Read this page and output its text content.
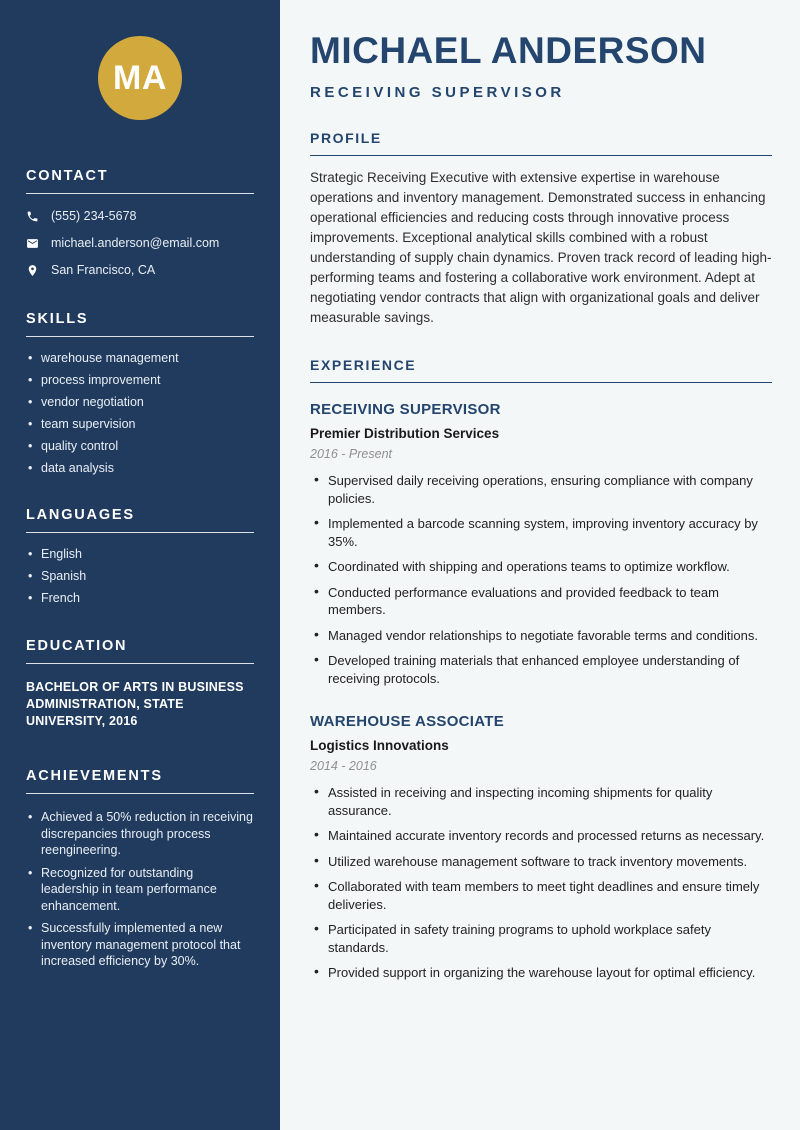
MA
CONTACT
(555) 234-5678
michael.anderson@email.com
San Francisco, CA
SKILLS
• warehouse management
• process improvement
• vendor negotiation
• team supervision
• quality control
• data analysis
LANGUAGES
• English
• Spanish
• French
EDUCATION
BACHELOR OF ARTS IN BUSINESS ADMINISTRATION, STATE UNIVERSITY, 2016
ACHIEVEMENTS
• Achieved a 50% reduction in receiving discrepancies through process reengineering.
• Recognized for outstanding leadership in team performance enhancement.
• Successfully implemented a new inventory management protocol that increased efficiency by 30%.
MICHAEL ANDERSON
RECEIVING SUPERVISOR
PROFILE

Strategic Receiving Executive with extensive expertise in warehouse operations and inventory management. Demonstrated success in enhancing operational efficiencies and reducing costs through innovative process improvements. Exceptional analytical skills combined with a robust understanding of supply chain dynamics. Proven track record of leading high-performing teams and fostering a collaborative work environment. Adept at negotiating vendor contracts that align with organizational goals and deliver measurable savings.

EXPERIENCE
RECEIVING SUPERVISOR
Premier Distribution Services
2016 - Present
• Supervised daily receiving operations, ensuring compliance with company policies.
• Implemented a barcode scanning system, improving inventory accuracy by 35%.
• Coordinated with shipping and operations teams to optimize workflow.
• Conducted performance evaluations and provided feedback to team members.
• Managed vendor relationships to negotiate favorable terms and conditions.
• Developed training materials that enhanced employee understanding of receiving protocols.
WAREHOUSE ASSOCIATE
Logistics Innovations
2014 - 2016
• Assisted in receiving and inspecting incoming shipments for quality assurance.
• Maintained accurate inventory records and processed returns as necessary.
• Utilized warehouse management software to track inventory movements.
• Collaborated with team members to meet tight deadlines and ensure timely deliveries.
• Participated in safety training programs to uphold workplace safety standards.
• Provided support in organizing the warehouse layout for optimal efficiency.
